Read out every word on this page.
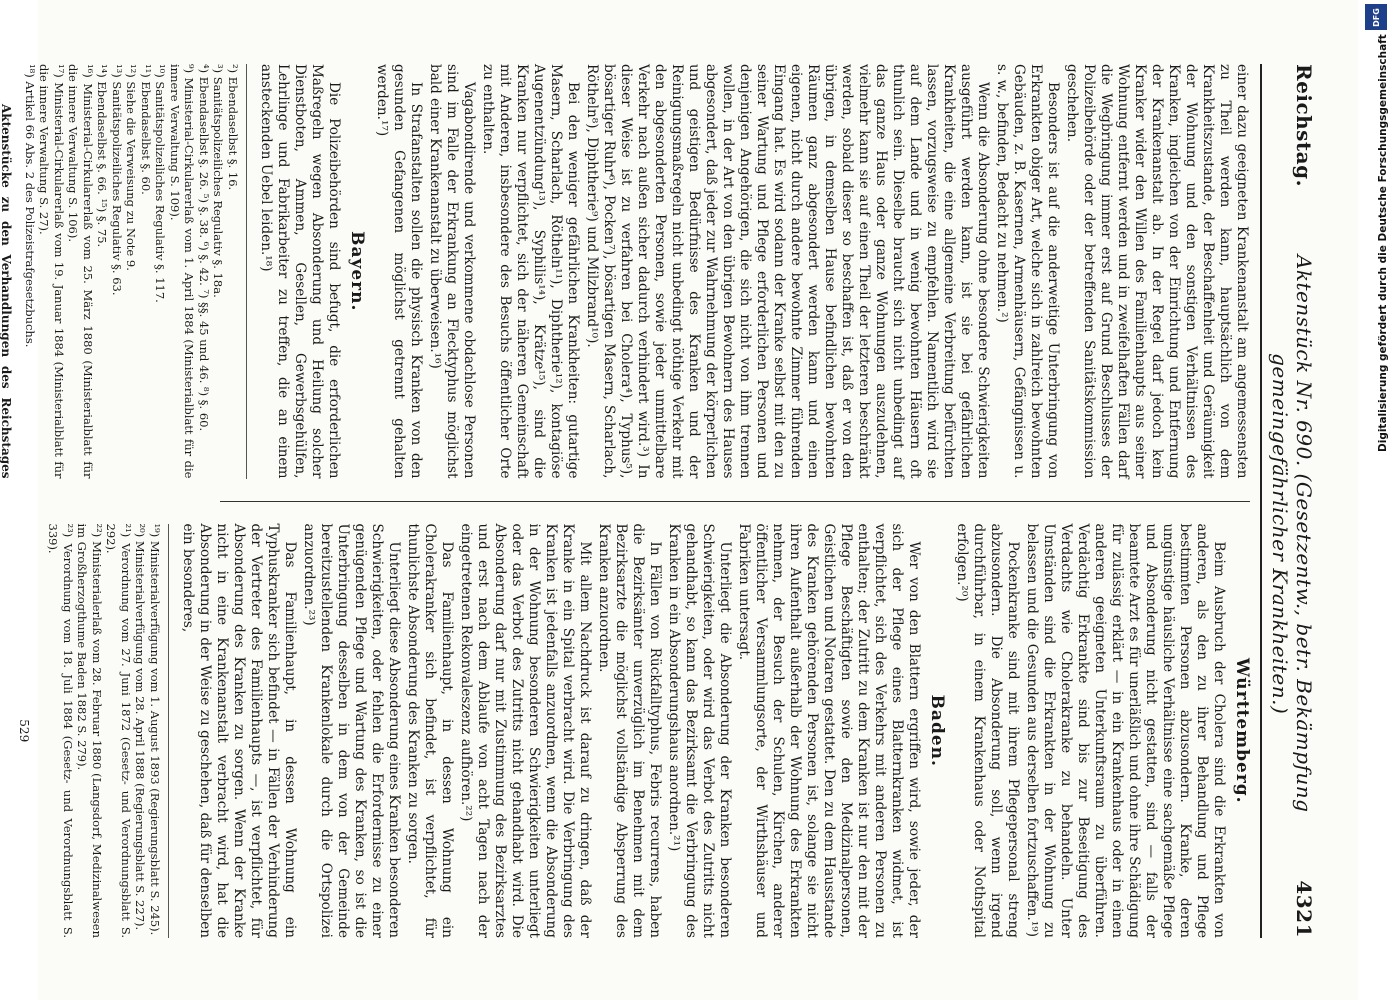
Reichstag.
Aktenstück Nr. 690. (Gesetzentw., betr. Bekämpfung gemeingefährlicher Krankheiten.)
4321

einer dazu geeigneten Krankenanstalt am angemessensten zu Theil werden kann, hauptsächlich von dem Krankheitszustande, der Beschaffenheit und Geräumigkeit der Wohnung und den sonstigen Verhältnissen des Kranken, ingleichen von der Einrichtung und Entfernung der Krankenanstalt ab. In der Regel darf jedoch kein Kranker wider den Willen des Familienhaupts aus seiner Wohnung entfernt werden und in zweifelhaften Fällen darf die Wegbringung immer erst auf Grund Beschlusses der Polizeibehörde oder der betreffenden Sanitätskommission geschehen.

Besonders ist auf die anderweitige Unterbringung von Erkrankten obiger Art, welche sich in zahlreich bewohnten Gebäuden, z. B. Kasernen, Armenhäusern, Gefängnissen u. s. w., befinden, Bedacht zu nehmen.²)

Wenn die Absonderung ohne besondere Schwierigkeiten ausgeführt werden kann, ist sie bei gefährlichen Krankheiten, die eine allgemeine Verbreitung befürchten lassen, vorzugsweise zu empfehlen. Namentlich wird sie auf dem Lande und in wenig bewohnten Häusern oft thunlich sein. Dieselbe braucht sich nicht unbedingt auf das ganze Haus oder ganze Wohnungen auszudehnen, vielmehr kann sie auf einen Theil der letzteren beschränkt werden, sobald dieser so beschaffen ist, daß er von den übrigen, in demselben Hause befindlichen bewohnten Räumen ganz abgesondert werden kann und einen eigenen, nicht durch andere bewohnte Zimmer führenden Eingang hat. Es wird sodann der Kranke selbst mit den zu seiner Wartung und Pflege erforderlichen Personen und denjenigen Angehörigen, die sich nicht von ihm trennen wollen, in der Art von den übrigen Bewohnern des Hauses abgesondert, daß jeder zur Wahrnehmung der körperlichen und geistigen Bedürfnisse des Kranken und der Reinigungsmaßregeln nicht unbedingt nöthige Verkehr mit den abgesonderten Personen, sowie jeder unmittelbare Verkehr nach außen sicher dadurch verhindert wird.³) In dieser Weise ist zu verfahren bei Cholera⁴), Typhus⁵), bösartiger Ruhr⁶), Pocken⁷), bösartigen Masern, Scharlach, Rötheln⁸), Diphtherie⁹) und Milzbrand¹⁰).

Bei den weniger gefährlichen Krankheiten: gutartige Masern, Scharlach, Rötheln¹¹), Diphtherie¹²), kontagiöse Augenentzündung¹³), Syphilis¹⁴), Krätze¹⁵), sind die Kranken nur verpflichtet, sich der näheren Gemeinschaft mit Anderen, insbesondere des Besuchs öffentlicher Orte zu enthalten.

Vagabondirende und verkommene obdachlose Personen sind im Falle der Erkrankung an Flecktyphus möglichst bald einer Krankenanstalt zu überweisen.¹⁶)

In Strafanstalten sollen die physisch Kranken von den gesunden Gefangenen möglichst getrennt gehalten werden.¹⁷)

Bayern.

Die Polizeibehörden sind befugt, die erforderlichen Maßregeln wegen Absonderung und Heilung solcher Dienstboten, Ammen, Gesellen, Gewerbsgehülfen, Lehrlinge und Fabrikarbeiter zu treffen, die an einem ansteckenden Uebel leiden.¹⁸)

²) Ebendaselbst §. 16.
³) Sanitätspolizeiliches Regulativ §. 18a.
⁴) Ebendaselbst §. 26. ⁵) §. 38. ⁶) §. 42. ⁷) §§. 45 und 46. ⁸) §. 60.
⁹) Ministerial-Cirkularerlaß vom 1. April 1884 (Ministerialblatt für die innere Verwaltung S. 109).
¹⁰) Sanitätspolizeiliches Regulativ §. 117.
¹¹) Ebendaselbst §. 60.
¹²) Siehe die Verweisung zu Note 9.
¹³) Sanitätspolizeiliches Regulativ §. 63.
¹⁴) Ebendaselbst §. 66. ¹⁵) §. 75.
¹⁶) Ministerial-Cirkularerlaß vom 25. März 1880 (Ministerialblatt für die innere Verwaltung S. 106).
¹⁷) Ministerial-Cirkularerlaß vom 19. Januar 1884 (Ministerialblatt für die innere Verwaltung S. 27).
¹⁸) Artikel 66 Abs. 2 des Polizeistrafgesetzbuchs.
Aktenstücke zu den Verhandlungen des Reichstages
Württemberg.

Beim Ausbruch der Cholera sind die Erkrankten von anderen, als den zu ihrer Behandlung und Pflege bestimmten Personen abzusondern. Kranke, deren ungünstige häusliche Verhältnisse eine sachgemäße Pflege und Absonderung nicht gestatten, sind — falls der beamtete Arzt es für unerläßlich und ohne ihre Schädigung für zulässig erklärt — in ein Krankenhaus oder in einen anderen geeigneten Unterkunftsraum zu überführen. Verdächtig Erkrankte sind bis zur Beseitigung des Verdachts wie Cholerakranke zu behandeln. Unter Umständen sind die Erkrankten in der Wohnung zu belassen und die Gesunden aus derselben fortzuschaffen.¹⁹)

Pockenkranke sind mit ihrem Pflegepersonal streng abzusondern. Die Absonderung soll, wenn irgend durchführbar, in einem Krankenhaus oder Nothspital erfolgen.²⁰)

Baden.

Wer von den Blattern ergriffen wird, sowie jeder, der sich der Pflege eines Blatternkranken widmet, ist verpflichtet, sich des Verkehrs mit anderen Personen zu enthalten; der Zutritt zu dem Kranken ist nur den mit der Pflege Beschäftigten sowie den Medizinalpersonen, Geistlichen und Notaren gestattet. Den zu dem Hausstande des Kranken gehörenden Personen ist, solange sie nicht ihren Aufenthalt außerhalb der Wohnung des Erkrankten nehmen, der Besuch der Schulen, Kirchen, anderer öffentlicher Versammlungsorte, der Wirthshäuser und Fabriken untersagt.

Unterliegt die Absonderung der Kranken besonderen Schwierigkeiten, oder wird das Verbot des Zutritts nicht gehandhabt, so kann das Bezirksamt die Verbringung des Kranken in ein Absonderungshaus anordnen.²¹)

In Fällen von Rückfalltyphus, Febris recurrens, haben die Bezirksämter unverzüglich im Benehmen mit dem Bezirksarzte die möglichst vollständige Absperrung des Kranken anzuordnen.

Mit allem Nachdruck ist darauf zu dringen, daß der Kranke in ein Spital verbracht wird. Die Verbringung des Kranken ist jedenfalls anzuordnen, wenn die Absonderung in der Wohnung besonderen Schwierigkeiten unterliegt oder das Verbot des Zutritts nicht gehandhabt wird. Die Absonderung darf nur mit Zustimmung des Bezirksarztes und erst nach dem Ablaufe von acht Tagen nach der eingetretenen Rekonvaleszenz aufhören.²²)

Das Familienhaupt, in dessen Wohnung ein Cholerakranker sich befindet, ist verpflichtet, für thunlichste Absonderung des Kranken zu sorgen.

Unterliegt diese Absonderung eines Kranken besonderen Schwierigkeiten, oder fehlen die Erfordernisse zu einer genügenden Pflege und Wartung des Kranken, so ist die Unterbringung desselben in dem von der Gemeinde bereitzustellenden Krankenlokale durch die Ortspolizei anzuordnen.²³)

Das Familienhaupt, in dessen Wohnung ein Typhuskranker sich befindet — in Fällen der Verhinderung der Vertreter des Familienhaupts —, ist verpflichtet, für Absonderung des Kranken zu sorgen. Wenn der Kranke nicht in eine Krankenanstalt verbracht wird, hat die Absonderung in der Weise zu geschehen, daß für denselben ein besonderes,

¹⁹) Ministerialverfügung vom 1. August 1893 (Regierungsblatt S. 245).
²⁰) Ministerialverfügung vom 28. April 1888 (Regierungsblatt S. 227).
²¹) Verordnung vom 27. Juni 1872 (Gesetz- und Verordnungsblatt S. 292).
²²) Ministerialerlaß vom 28. Februar 1880 (Langsdorf, Medizinalwesen im Großherzogthume Baden 1882 S. 279).
²³) Verordnung vom 18. Juli 1884 (Gesetz- und Verordnungsblatt S. 339).
529
DFG
Digitalisierung gefördert durch die Deutsche Forschungsgemeinschaft
